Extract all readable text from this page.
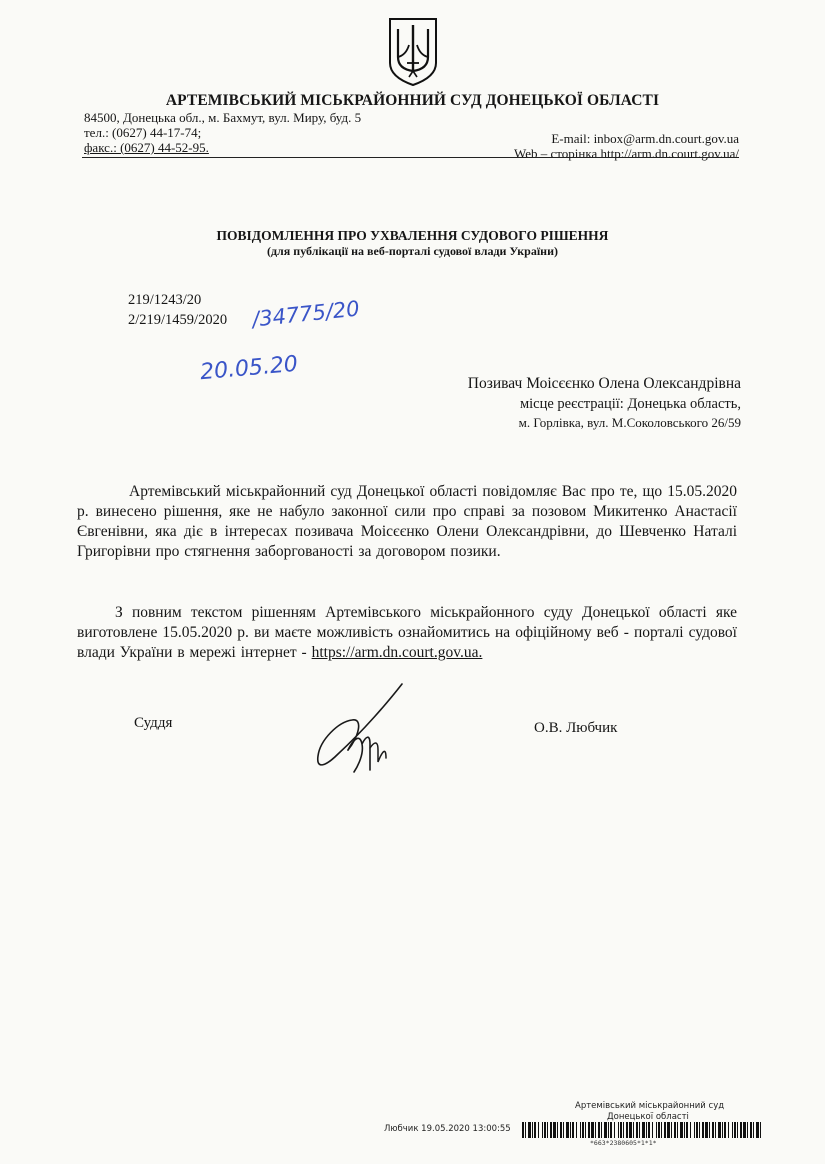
АРТЕМІВСЬКИЙ МІСЬКРАЙОННИЙ СУД ДОНЕЦЬКОЇ ОБЛАСТІ
84500, Донецька обл., м. Бахмут, вул. Миру, буд. 5
тел.: (0627) 44-17-74;
факс.: (0627) 44-52-95.
E-mail: inbox@arm.dn.court.gov.ua
Web – сторінка http://arm.dn.court.gov.ua/
ПОВІДОМЛЕННЯ ПРО УХВАЛЕННЯ СУДОВОГО РІШЕННЯ
(для публікації на веб-порталі судової влади України)
219/1243/20
2/219/1459/2020 /34775/20
20.05.20	Позивач Моісєєнко Олена Олександрівна
місце реєстрації: Донецька область,
м. Горлівка, вул. М.Соколовського 26/59
Артемівський міськрайонний суд Донецької області повідомляє Вас про те, що 15.05.2020 р. винесено рішення, яке не набуло законної сили про справі за позовом Микитенко Анастасії Євгенівни, яка діє в інтересах позивача Моісєєнко Олени Олександрівни, до Шевченко Наталі Григорівни про стягнення заборгованості за договором позики.
З повним текстом рішенням Артемівського міськрайонного суду Донецької області яке виготовлене 15.05.2020 р. ви маєте можливість ознайомитись на офіційному веб - порталі судової влади України в мережі інтернет - https://arm.dn.court.gov.ua.
Суддя	О.В. Любчик
Артемівський міськрайонний суд
Донецької області
Любчик 19.05.2020 13:00:55
*663*2380605*1*1*
